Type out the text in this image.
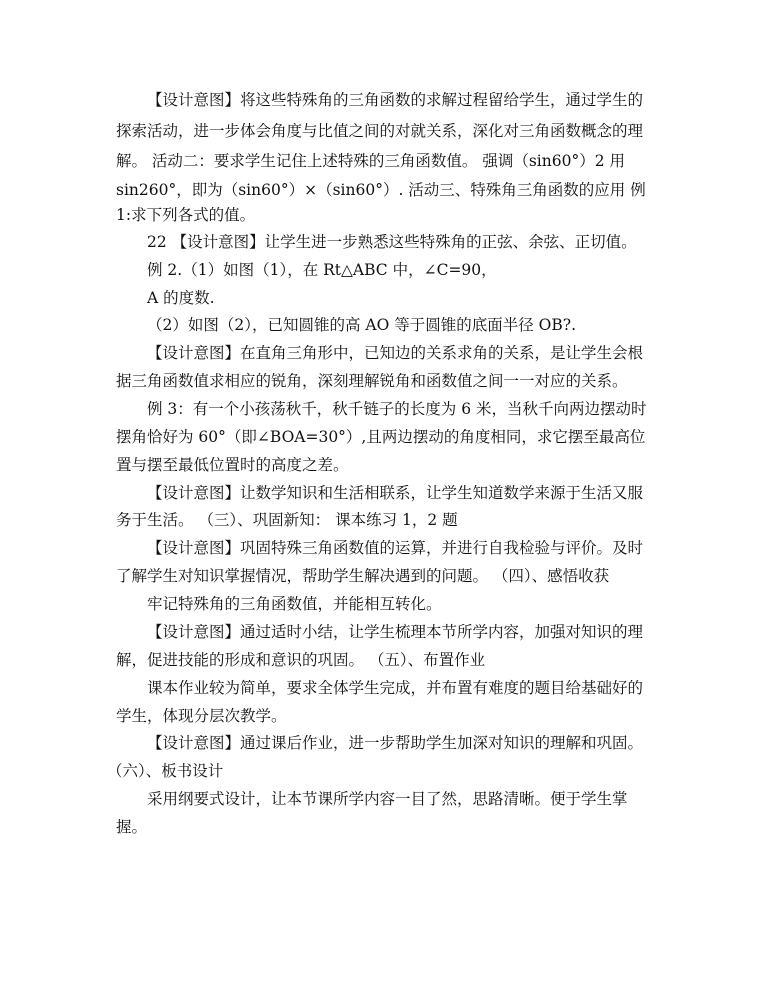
【设计意图】将这些特殊角的三角函数的求解过程留给学生，通过学生的
探索活动，进一步体会角度与比值之间的对就关系，深化对三角函数概念的理
解。 活动二：要求学生记住上述特殊的三角函数值。 强调（sin60°）2 用
sin260°，即为（sin60°）×（sin60°）. 活动三、特殊角三角函数的应用 例
1:求下列各式的值。
22 【设计意图】让学生进一步熟悉这些特殊角的正弦、余弦、正切值。
例 2.（1）如图（1），在 Rt△ABC 中，∠C=90，
A 的度数.
（2）如图（2），已知圆锥的高 AO 等于圆锥的底面半径 OB?.
【设计意图】在直角三角形中，已知边的关系求角的关系，是让学生会根
据三角函数值求相应的锐角，深刻理解锐角和函数值之间一一对应的关系。
例 3：有一个小孩荡秋千，秋千链子的长度为 6 米，当秋千向两边摆动时
摆角恰好为 60°（即∠BOA=30°）,且两边摆动的角度相同，求它摆至最高位
置与摆至最低位置时的高度之差。
【设计意图】让数学知识和生活相联系，让学生知道数学来源于生活又服
务于生活。 （三）、巩固新知： 课本练习 1，2 题
【设计意图】巩固特殊三角函数值的运算，并进行自我检验与评价。及时
了解学生对知识掌握情况，帮助学生解决遇到的问题。 （四）、感悟收获
牢记特殊角的三角函数值，并能相互转化。
【设计意图】通过适时小结，让学生梳理本节所学内容，加强对知识的理
解，促进技能的形成和意识的巩固。 （五）、布置作业
课本作业较为简单，要求全体学生完成，并布置有难度的题目给基础好的
学生，体现分层次教学。
【设计意图】通过课后作业，进一步帮助学生加深对知识的理解和巩固。
（六）、板书设计
采用纲要式设计，让本节课所学内容一目了然，思路清晰。便于学生掌
握。
